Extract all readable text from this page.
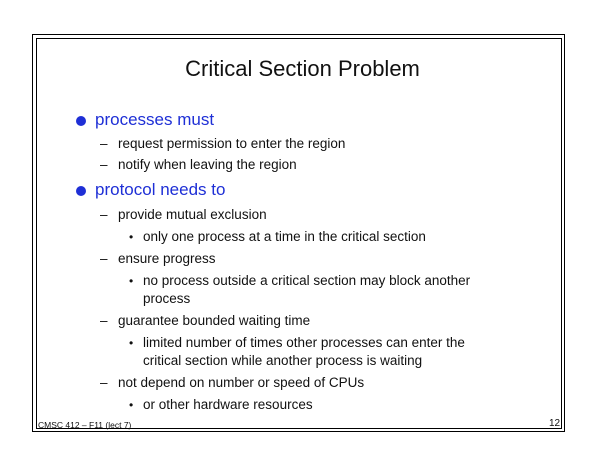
Critical Section Problem
processes must
– request permission to enter the region
– notify when leaving the region
protocol needs to
– provide mutual exclusion
• only one process at a time in the critical section
– ensure progress
• no process outside a critical section may block another
process
– guarantee bounded waiting time
• limited number of times other processes can enter the
critical section while another process is waiting
– not depend on number or speed of CPUs
• or other hardware resources
CMSC 412 – F11 (lect 7)	12
